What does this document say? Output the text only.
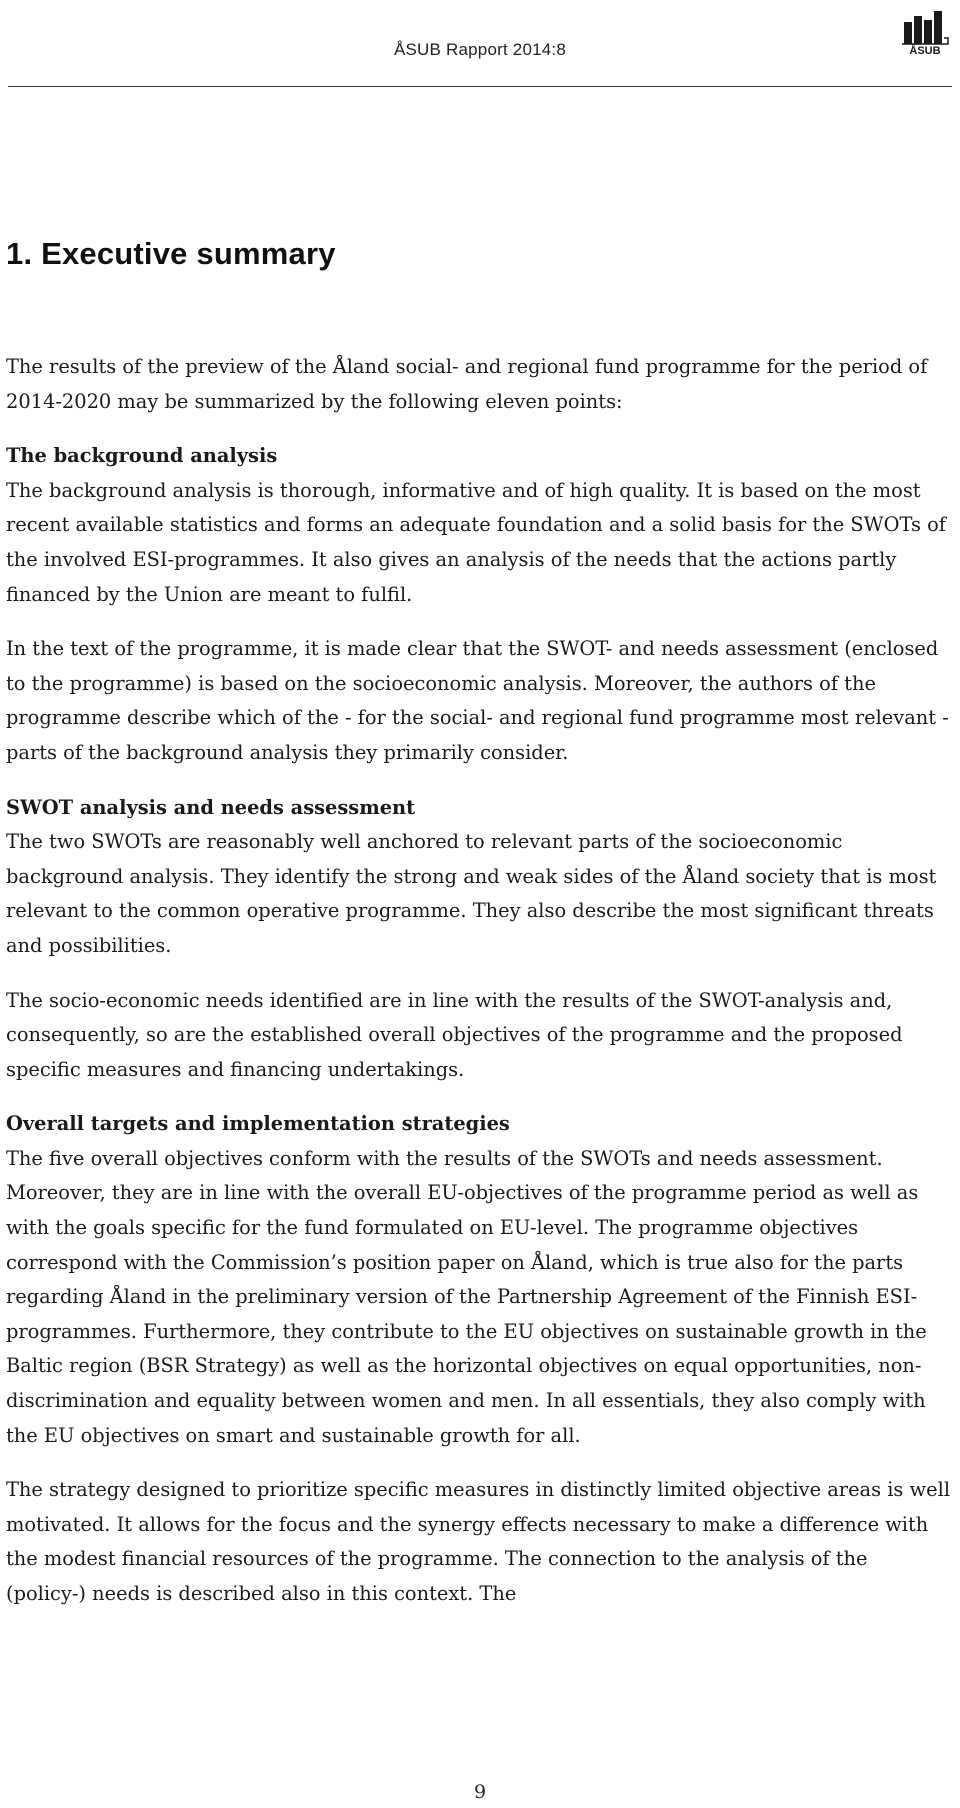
ÅSUB Rapport 2014:8	ÅSUB
1. Executive summary

The results of the preview of the Åland social- and regional fund programme for the period of 2014-2020 may be summarized by the following eleven points:

The background analysis
The background analysis is thorough, informative and of high quality. It is based on the most recent available statistics and forms an adequate foundation and a solid basis for the SWOTs of the involved ESI-programmes. It also gives an analysis of the needs that the actions partly financed by the Union are meant to fulfil.

In the text of the programme, it is made clear that the SWOT- and needs assessment (enclosed to the programme) is based on the socioeconomic analysis. Moreover, the authors of the programme describe which of the - for the social- and regional fund programme most relevant - parts of the background analysis they primarily consider.

SWOT analysis and needs assessment
The two SWOTs are reasonably well anchored to relevant parts of the socioeconomic background analysis. They identify the strong and weak sides of the Åland society that is most relevant to the common operative programme. They also describe the most significant threats and possibilities.

The socio-economic needs identified are in line with the results of the SWOT-analysis and, consequently, so are the established overall objectives of the programme and the proposed specific measures and financing undertakings.

Overall targets and implementation strategies
The five overall objectives conform with the results of the SWOTs and needs assessment. Moreover, they are in line with the overall EU-objectives of the programme period as well as with the goals specific for the fund formulated on EU-level. The programme objectives correspond with the Commission’s position paper on Åland, which is true also for the parts regarding Åland in the preliminary version of the Partnership Agreement of the Finnish ESI-programmes. Furthermore, they contribute to the EU objectives on sustainable growth in the Baltic region (BSR Strategy) as well as the horizontal objectives on equal opportunities, non-discrimination and equality between women and men. In all essentials, they also comply with the EU objectives on smart and sustainable growth for all.

The strategy designed to prioritize specific measures in distinctly limited objective areas is well motivated. It allows for the focus and the synergy effects necessary to make a difference with the modest financial resources of the programme. The connection to the analysis of the (policy-) needs is described also in this context. The

9
